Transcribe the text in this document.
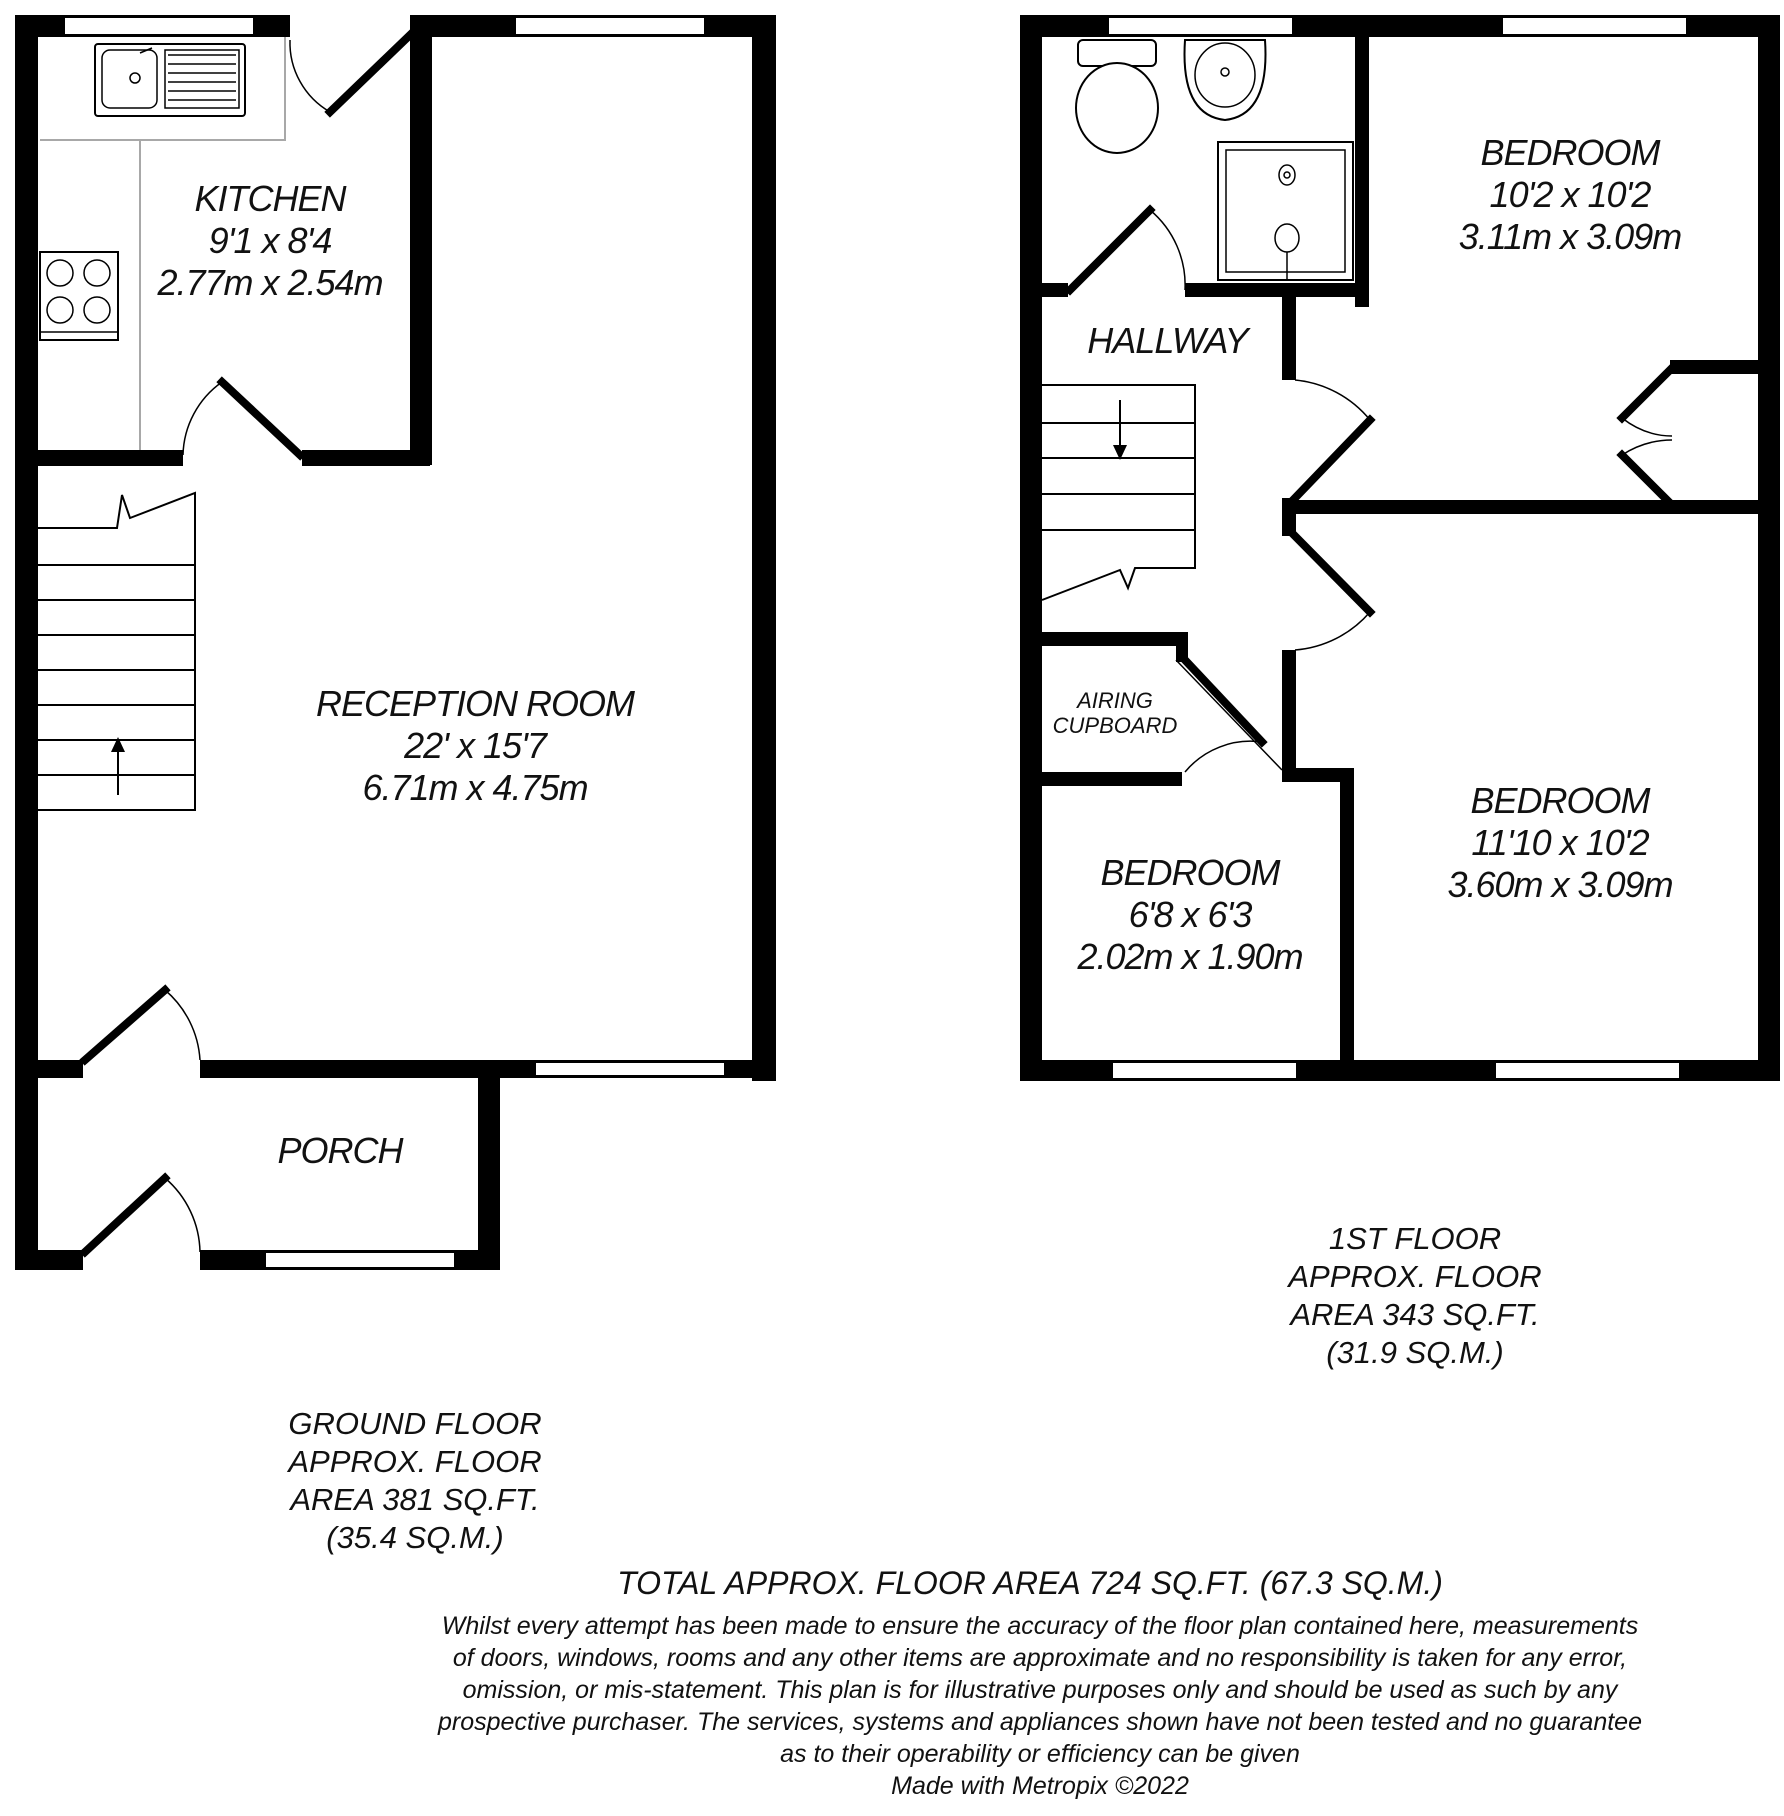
KITCHEN
9'1 x 8'4
2.77m x 2.54m
RECEPTION ROOM
22' x 15'7
6.71m x 4.75m
PORCH
HALLWAY
BEDROOM
10'2 x 10'2
3.11m x 3.09m
BEDROOM
11'10 x 10'2
3.60m x 3.09m
BEDROOM
6'8 x 6'3
2.02m x 1.90m
AIRING
CUPBOARD
1ST FLOOR
APPROX. FLOOR
AREA 343 SQ.FT.
(31.9 SQ.M.)
GROUND FLOOR
APPROX. FLOOR
AREA 381 SQ.FT.
(35.4 SQ.M.)
TOTAL APPROX. FLOOR AREA 724 SQ.FT. (67.3 SQ.M.)
Whilst every attempt has been made to ensure the accuracy of the floor plan contained here, measurements
of doors, windows, rooms and any other items are approximate and no responsibility is taken for any error,
omission, or mis-statement. This plan is for illustrative purposes only and should be used as such by any
prospective purchaser. The services, systems and appliances shown have not been tested and no guarantee
as to their operability or efficiency can be given
Made with Metropix ©2022
